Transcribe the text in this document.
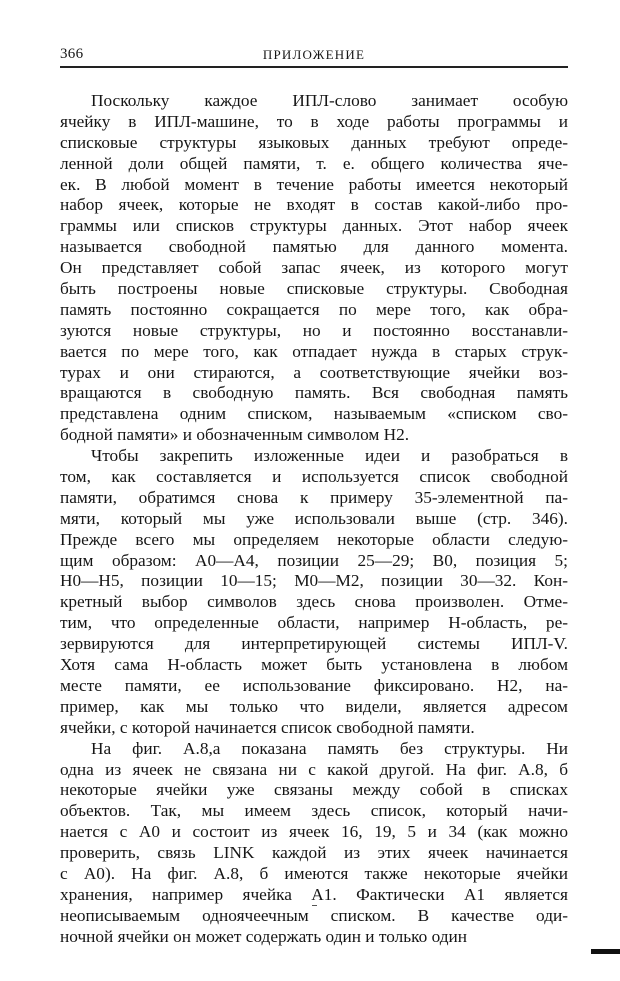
366	ПРИЛОЖЕНИЕ
Поскольку каждое ИПЛ-слово занимает особую
ячейку в ИПЛ-машине, то в ходе работы программы и
списковые структуры языковых данных требуют опреде-
ленной доли общей памяти, т. е. общего количества яче-
ек. В любой момент в течение работы имеется некоторый
набор ячеек, которые не входят в состав какой-либо про-
граммы или списков структуры данных. Этот набор ячеек
называется свободной памятью для данного момента.
Он представляет собой запас ячеек, из которого могут
быть построены новые списковые структуры. Свободная
память постоянно сокращается по мере того, как обра-
зуются новые структуры, но и постоянно восстанавли-
вается по мере того, как отпадает нужда в старых струк-
турах и они стираются, а соответствующие ячейки воз-
вращаются в свободную память. Вся свободная память
представлена одним списком, называемым «списком сво-
бодной памяти» и обозначенным символом H2.
Чтобы закрепить изложенные идеи и разобраться в
том, как составляется и используется список свободной
памяти, обратимся снова к примеру 35-элементной па-
мяти, который мы уже использовали выше (стр. 346).
Прежде всего мы определяем некоторые области следую-
щим образом: A0—A4, позиции 25—29; B0, позиция 5;
H0—H5, позиции 10—15; M0—M2, позиции 30—32. Кон-
кретный выбор символов здесь снова произволен. Отме-
тим, что определенные области, например H-область, ре-
зервируются для интерпретирующей системы ИПЛ-V.
Хотя сама H-область может быть установлена в любом
месте памяти, ее использование фиксировано. H2, на-
пример, как мы только что видели, является адресом
ячейки, с которой начинается список свободной памяти.
На фиг. A.8,а показана память без структуры. Ни
одна из ячеек не связана ни с какой другой. На фиг. A.8, б
некоторые ячейки уже связаны между собой в списках
объектов. Так, мы имеем здесь список, который начи-
нается с A0 и состоит из ячеек 16, 19, 5 и 34 (как можно
проверить, связь LINK каждой из этих ячеек начинается
с A0). На фиг. A.8, б имеются также некоторые ячейки
хранения, например ячейка A1. Фактически A1 является
неописываемым одноячеечным списком. В качестве оди-
ночной ячейки он может содержать один и только один
